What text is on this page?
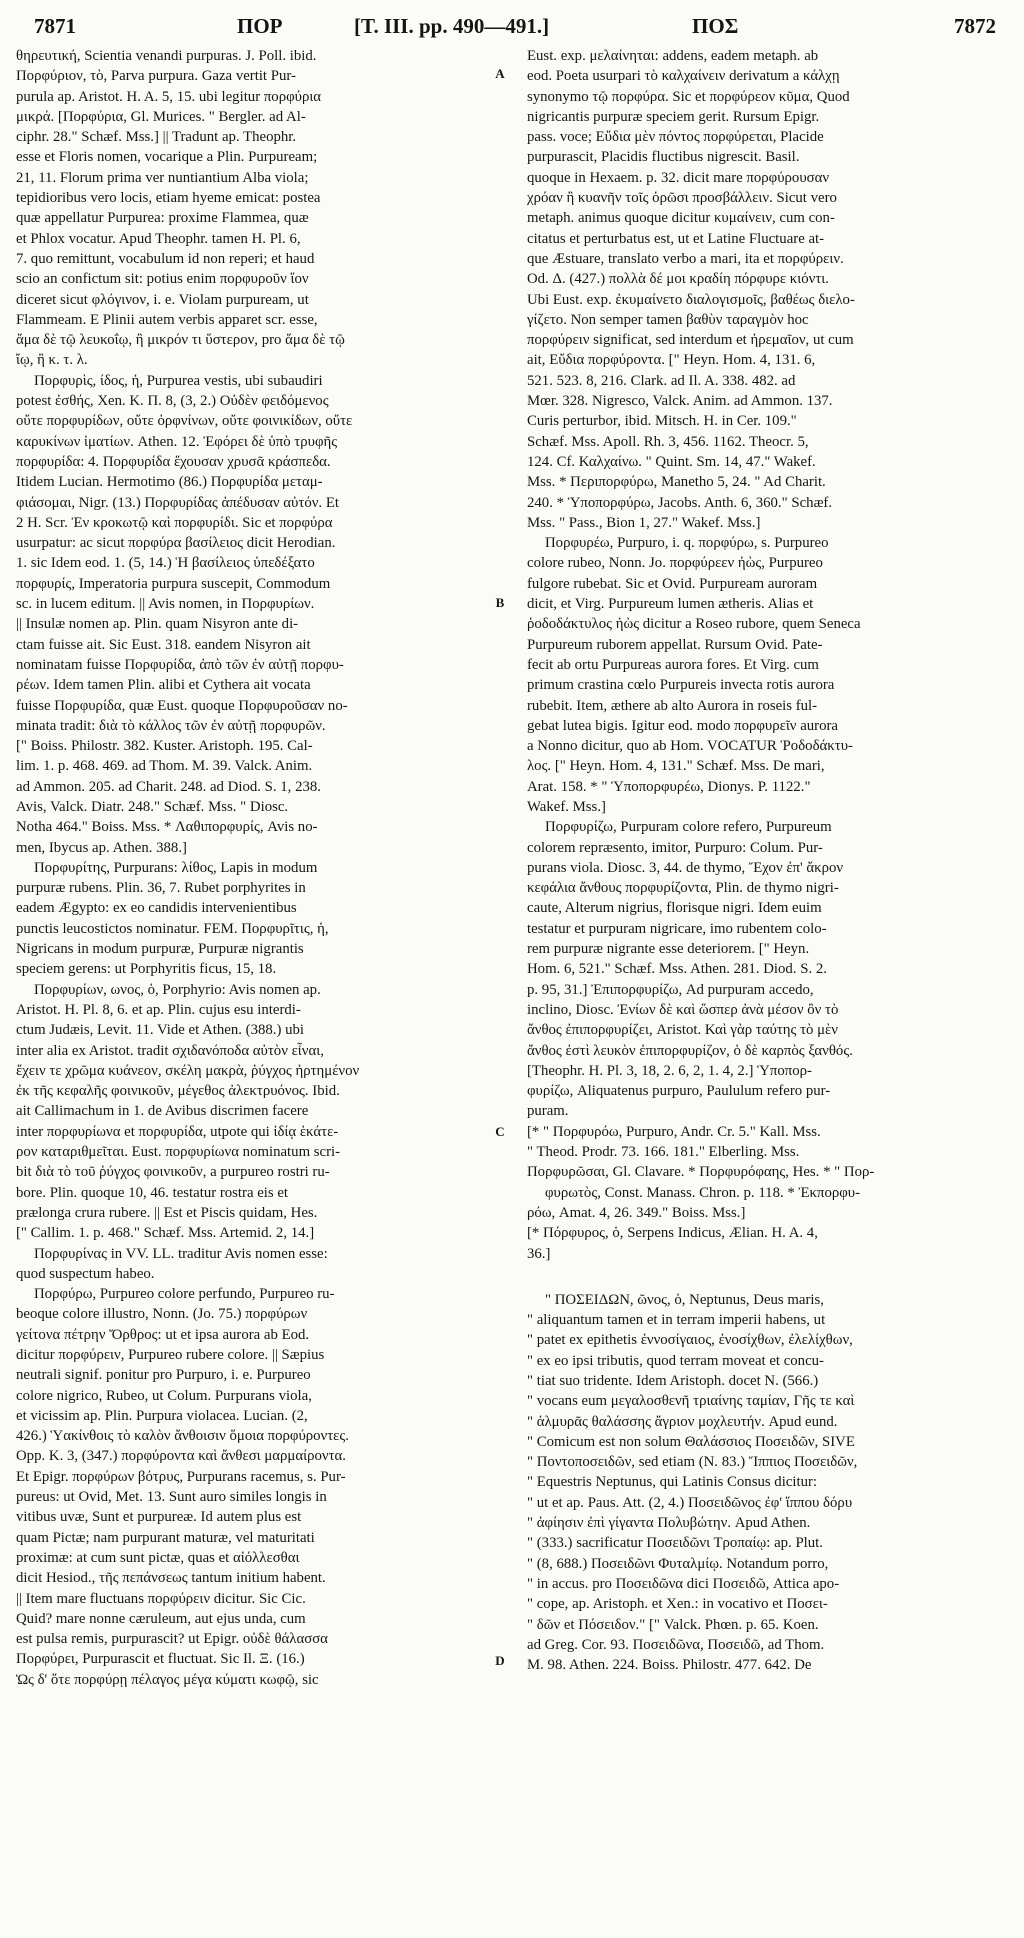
7871	ΠΟΡ	[T. III. pp. 490—491.]	ΠΟΣ	7872

θηρευτική, Scientia venandi purpuras. J. Poll. ibid.

Πορφύριον, τὸ, Parva purpura. Gaza vertit Pur-

purula ap. Aristot. H. A. 5, 15. ubi legitur πορφύρια

μικρά. [Πορφύρια, Gl. Murices. " Bergler. ad Al-

ciphr. 28." Schæf. Mss.] || Tradunt ap. Theophr.

esse et Floris nomen, vocarique a Plin. Purpuream;

21, 11. Florum prima ver nuntiantium Alba viola;

tepidioribus vero locis, etiam hyeme emicat: postea

quæ appellatur Purpurea: proxime Flammea, quæ

et Phlox vocatur. Apud Theophr. tamen H. Pl. 6,

7. quo remittunt, vocabulum id non reperi; et haud

scio an confictum sit: potius enim πορφυροῦν ἴον

diceret sicut φλόγινον, i. e. Violam purpuream, ut

Flammeam. E Plinii autem verbis apparet scr. esse,

ἅμα δὲ τῷ λευκοΐῳ, ἢ μικρόν τι ὕστερον, pro ἅμα δὲ τῷ

ἴῳ, ἢ κ. τ. λ.

Πορφυρὶς, ίδος, ἡ, Purpurea vestis, ubi subaudiri

potest ἐσθής, Xen. K. Π. 8, (3, 2.) Οὐδὲν φειδόμενος

οὔτε πορφυρίδων, οὔτε ὀρφνίνων, οὔτε φοινικίδων, οὔτε

καρυκίνων ἱματίων. Athen. 12. Ἐφόρει δὲ ὑπὸ τρυφῆς

πορφυρίδα: 4. Πορφυρίδα ἔχουσαν χρυσᾶ κράσπεδα.

Itidem Lucian. Hermotimo (86.) Πορφυρίδα μεταμ-

φιάσομαι, Nigr. (13.) Πορφυρίδας ἀπέδυσαν αὐτόν. Et

2 H. Scr. Ἐν κροκωτῷ καὶ πορφυρίδι. Sic et πορφύρα

usurpatur: ac sicut πορφύρα βασίλειος dicit Herodian.

1. sic Idem eod. 1. (5, 14.) Ἡ βασίλειος ὑπεδέξατο

πορφυρίς, Imperatoria purpura suscepit, Commodum

sc. in lucem editum. || Avis nomen, in Πορφυρίων.

|| Insulæ nomen ap. Plin. quam Nisyron ante di-

ctam fuisse ait. Sic Eust. 318. eandem Nisyron ait

nominatam fuisse Πορφυρίδα, ἀπὸ τῶν ἐν αὐτῇ πορφυ-

ρέων. Idem tamen Plin. alibi et Cythera ait vocata

fuisse Πορφυρίδα, quæ Eust. quoque Πορφυροῦσαν no-

minata tradit: διὰ τὸ κάλλος τῶν ἐν αὐτῇ πορφυρῶν.

[" Boiss. Philostr. 382. Kuster. Aristoph. 195. Cal-

lim. 1. p. 468. 469. ad Thom. M. 39. Valck. Anim.

ad Ammon. 205. ad Charit. 248. ad Diod. S. 1, 238.

Avis, Valck. Diatr. 248." Schæf. Mss. " Diosc.

Notha 464." Boiss. Mss. * Λαθιπορφυρίς, Avis no-

men, Ibycus ap. Athen. 388.]

Πορφυρίτης, Purpurans: λίθος, Lapis in modum

purpuræ rubens. Plin. 36, 7. Rubet porphyrites in

eadem Ægypto: ex eo candidis intervenientibus

punctis leucostictos nominatur. FEM. Πορφυρῖτις, ἡ,

Nigricans in modum purpuræ, Purpuræ nigrantis

speciem gerens: ut Porphyritis ficus, 15, 18.

Πορφυρίων, ωνος, ὁ, Porphyrio: Avis nomen ap.

Aristot. H. Pl. 8, 6. et ap. Plin. cujus esu interdi-

ctum Judæis, Levit. 11. Vide et Athen. (388.) ubi

inter alia ex Aristot. tradit σχιδανόποδα αὐτὸν εἶναι,

ἔχειν τε χρῶμα κυάνεον, σκέλη μακρὰ, ῥύγχος ἠρτημένον

ἐκ τῆς κεφαλῆς φοινικοῦν, μέγεθος ἀλεκτρυόνος. Ibid.

ait Callimachum in 1. de Avibus discrimen facere

inter πορφυρίωνα et πορφυρίδα, utpote qui ἰδίᾳ ἑκάτε-

ρον καταριθμεῖται. Eust. πορφυρίωνα nominatum scri-

bit διὰ τὸ τοῦ ῥύγχος φοινικοῦν, a purpureo rostri ru-

bore. Plin. quoque 10, 46. testatur rostra eis et

prælonga crura rubere. || Est et Piscis quidam, Hes.

[" Callim. 1. p. 468." Schæf. Mss. Artemid. 2, 14.]

Πορφυρίνας in VV. LL. traditur Avis nomen esse:

quod suspectum habeo.

Πορφύρω, Purpureo colore perfundo, Purpureo ru-

beoque colore illustro, Nonn. (Jo. 75.) πορφύρων

γείτονα πέτρην Ὄρθρος: ut et ipsa aurora ab Eod.

dicitur πορφύρειν, Purpureo rubere colore. || Sæpius

neutrali signif. ponitur pro Purpuro, i. e. Purpureo

colore nigrico, Rubeo, ut Colum. Purpurans viola,

et vicissim ap. Plin. Purpura violacea. Lucian. (2,

426.) Ὑακίνθοις τὸ καλὸν ἄνθοισιν ὅμοια πορφύροντες.

Opp. K. 3, (347.) πορφύροντα καὶ ἄνθεσι μαρμαίροντα.

Et Epigr. πορφύρων βότρυς, Purpurans racemus, s. Pur-

pureus: ut Ovid, Met. 13. Sunt auro similes longis in

vitibus uvæ, Sunt et purpureæ. Id autem plus est

quam Pictæ; nam purpurant maturæ, vel maturitati

proximæ: at cum sunt pictæ, quas et αἰόλλεσθαι

dicit Hesiod., τῆς πεπάνσεως tantum initium habent.

|| Item mare fluctuans πορφύρειν dicitur. Sic Cic.

Quid? mare nonne cæruleum, aut ejus unda, cum

est pulsa remis, purpurascit? ut Epigr. οὐδὲ θάλασσα

Πορφύρει, Purpurascit et fluctuat. Sic Il. Ξ. (16.)

Ὡς δ' ὅτε πορφύρῃ πέλαγος μέγα κύματι κωφῷ, sic

Eust. exp. μελαίνηται: addens, eadem metaph. ab

eod. Poeta usurpari τὸ καλχαίνειν derivatum a κάλχῃ

synonymo τῷ πορφύρα. Sic et πορφύρεον κῦμα, Quod

nigricantis purpuræ speciem gerit. Rursum Epigr.

pass. voce; Εὔδια μὲν πόντος πορφύρεται, Placide

purpurascit, Placidis fluctibus nigrescit. Basil.

quoque in Hexaem. p. 32. dicit mare πορφύρουσαν

χρόαν ἢ κυανῆν τοῖς ὁρῶσι προσβάλλειν. Sicut vero

metaph. animus quoque dicitur κυμαίνειν, cum con-

citatus et perturbatus est, ut et Latine Fluctuare at-

que Æstuare, translato verbo a mari, ita et πορφύρειν.

Od. Δ. (427.) πολλὰ δέ μοι κραδίη πόρφυρε κιόντι.

Ubi Eust. exp. ἐκυμαίνετο διαλογισμοῖς, βαθέως διελο-

γίζετο. Non semper tamen βαθὺν ταραγμὸν hoc

πορφύρειν significat, sed interdum et ἠρεμαῖον, ut cum

ait, Εὔδια πορφύροντα. [" Heyn. Hom. 4, 131. 6,

521. 523. 8, 216. Clark. ad Il. A. 338. 482. ad

Mœr. 328. Nigresco, Valck. Anim. ad Ammon. 137.

Curis perturbor, ibid. Mitsch. H. in Cer. 109."

Schæf. Mss. Apoll. Rh. 3, 456. 1162. Theocr. 5,

124. Cf. Καλχαίνω. " Quint. Sm. 14, 47." Wakef.

Mss. * Περιπορφύρω, Manetho 5, 24. " Ad Charit.

240. * Ὑποπορφύρω, Jacobs. Anth. 6, 360." Schæf.

Mss. " Pass., Bion 1, 27." Wakef. Mss.]

Πορφυρέω, Purpuro, i. q. πορφύρω, s. Purpureo

colore rubeo, Nonn. Jo. πορφύρεεν ἠὼς, Purpureo

fulgore rubebat. Sic et Ovid. Purpuream auroram

dicit, et Virg. Purpureum lumen ætheris. Alias et

ῥοδοδάκτυλος ἠὼς dicitur a Roseo rubore, quem Seneca

Purpureum ruborem appellat. Rursum Ovid. Pate-

fecit ab ortu Purpureas aurora fores. Et Virg. cum

primum crastina cœlo Purpureis invecta rotis aurora

rubebit. Item, æthere ab alto Aurora in roseis ful-

gebat lutea bigis. Igitur eod. modo πορφυρεῖν aurora

a Nonno dicitur, quo ab Hom. VOCATUR Ῥοδοδάκτυ-

λος. [" Heyn. Hom. 4, 131." Schæf. Mss. De mari,

Arat. 158. * " Ὑποπορφυρέω, Dionys. P. 1122."

Wakef. Mss.]

Πορφυρίζω, Purpuram colore refero, Purpureum

colorem repræsento, imitor, Purpuro: Colum. Pur-

purans viola. Diosc. 3, 44. de thymo, Ἔχον ἐπ' ἄκρον

κεφάλια ἄνθους πορφυρίζοντα, Plin. de thymo nigri-

caute, Alterum nigrius, florisque nigri. Idem euim

testatur et purpuram nigricare, imo rubentem colo-

rem purpuræ nigrante esse deteriorem. [" Heyn.

Hom. 6, 521." Schæf. Mss. Athen. 281. Diod. S. 2.

p. 95, 31.] Ἐπιπορφυρίζω, Ad purpuram accedo,

inclino, Diosc. Ἐνίων δὲ καὶ ὥσπερ ἀνὰ μέσον ὂν τὸ

ἄνθος ἐπιπορφυρίζει, Aristot. Καὶ γὰρ ταύτης τὸ μὲν

ἄνθος ἐστὶ λευκὸν ἐπιπορφυρίζον, ὁ δὲ καρπὸς ξανθός.

[Theophr. H. Pl. 3, 18, 2. 6, 2, 1. 4, 2.] Ὑποπορ-

φυρίζω, Aliquatenus purpuro, Paululum refero pur-

puram.

[* " Πορφυρόω, Purpuro, Andr. Cr. 5." Kall. Mss.

" Theod. Prodr. 73. 166. 181." Elberling. Mss.

Πορφυρῶσαι, Gl. Clavare. * Πορφυρόφαης, Hes. * " Πορ-

φυρωτὸς, Const. Manass. Chron. p. 118. * Ἐκπορφυ-

ρόω, Amat. 4, 26. 349." Boiss. Mss.]

[* Πόρφυρος, ὁ, Serpens Indicus, Ælian. H. A. 4,

36.]

" ΠΟΣΕΙΔΩΝ, ῶνος, ὁ, Neptunus, Deus maris,

" aliquantum tamen et in terram imperii habens, ut

" patet ex epithetis ἐννοσίγαιος, ἐνοσίχθων, ἐλελίχθων,

" ex eo ipsi tributis, quod terram moveat et concu-

" tiat suo tridente. Idem Aristoph. docet N. (566.)

" vocans eum μεγαλοσθενῆ τριαίνης ταμίαν, Γῆς τε καὶ

" ἁλμυρᾶς θαλάσσης ἄγριον μοχλευτήν. Apud eund.

" Comicum est non solum Θαλάσσιος Ποσειδῶν, SIVE

" Ποντοποσειδῶν, sed etiam (N. 83.) Ἵππιος Ποσειδῶν,

" Equestris Neptunus, qui Latinis Consus dicitur:

" ut et ap. Paus. Att. (2, 4.) Ποσειδῶνος ἐφ' ἵππου δόρυ

" ἀφίησιν ἐπὶ γίγαντα Πολυβώτην. Apud Athen.

" (333.) sacrificatur Ποσειδῶνι Τροπαίῳ: ap. Plut.

" (8, 688.) Ποσειδῶνι Φυταλμίῳ. Notandum porro,

" in accus. pro Ποσειδῶνα dici Ποσειδῶ, Attica apo-

" cope, ap. Aristoph. et Xen.: in vocativo et Ποσει-

" δῶν et Πόσειδον." [" Valck. Phœn. p. 65. Koen.

ad Greg. Cor. 93. Ποσειδῶνα, Ποσειδῶ, ad Thom.

M. 98. Athen. 224. Boiss. Philostr. 477. 642. De

A
B
C
D
